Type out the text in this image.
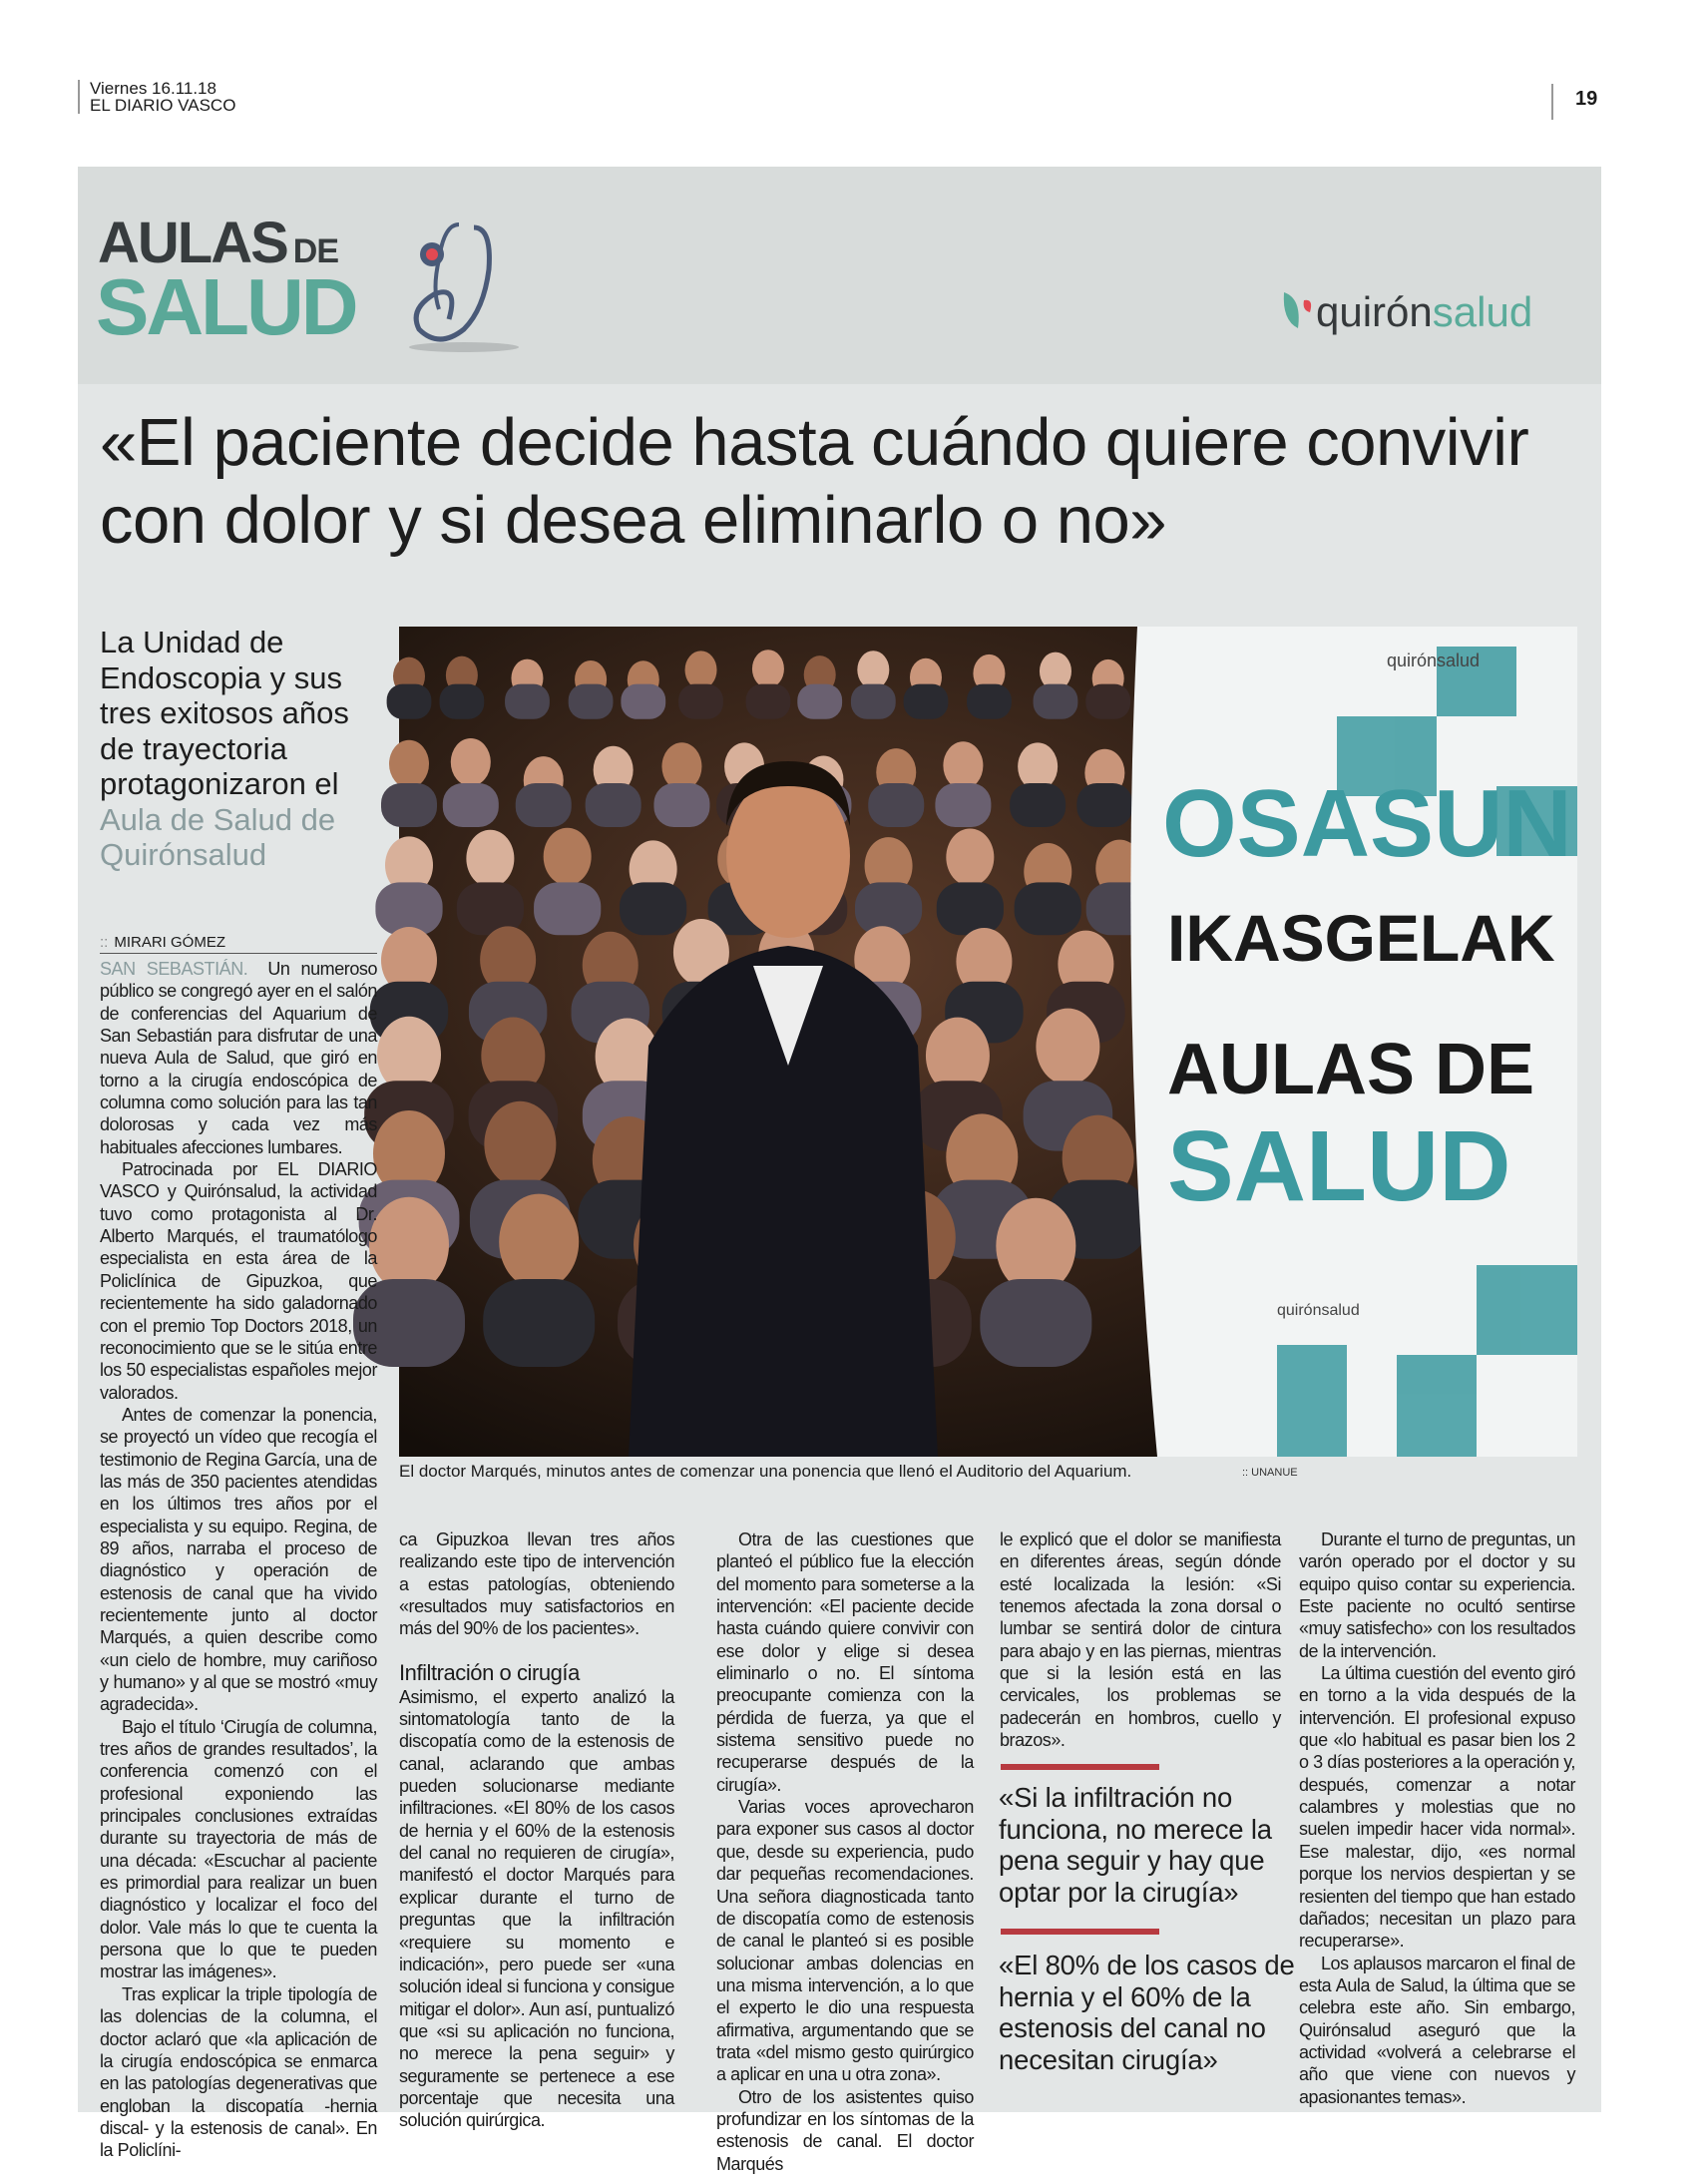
Viernes 16.11.18
EL DIARIO VASCO	19
AULAS DE
SALUD	quirónsalud
«El paciente decide hasta cuándo quiere convivir con dolor y si desea eliminarlo o no»
La Unidad de Endoscopia y sus tres exitosos años de trayectoria protagonizaron el Aula de Salud de Quirónsalud	OSASUN
IKASGELAK
AULAS DE
SALUD
quirónsalud
quirónsalud
El doctor Marqués, minutos antes de comenzar una ponencia que llenó el Auditorio del Aquarium.	:: UNANUE
:: MIRARI GÓMEZ

SAN SEBASTIÁN. Un numeroso público se congregó ayer en el salón de conferencias del Aquarium de San Sebastián para disfrutar de una nueva Aula de Salud, que giró en torno a la cirugía endoscópica de columna como solución para las tan dolorosas y cada vez más habituales afecciones lumbares.

Patrocinada por EL DIARIO VASCO y Quirónsalud, la actividad tuvo como protagonista al Dr. Alberto Marqués, el traumatólogo especialista en esta área de la Policlínica de Gipuzkoa, que recientemente ha sido galadornado con el premio Top Doctors 2018, un reconocimiento que se le sitúa entre los 50 especialistas españoles mejor valorados.

Antes de comenzar la ponencia, se proyectó un vídeo que recogía el testimonio de Regina García, una de las más de 350 pacientes atendidas en los últimos tres años por el especialista y su equipo. Regina, de 89 años, narraba el proceso de diagnóstico y operación de estenosis de canal que ha vivido recientemente junto al doctor Marqués, a quien describe como «un cielo de hombre, muy cariñoso y humano» y al que se mostró «muy agradecida».

Bajo el título ‘Cirugía de columna, tres años de grandes resultados’, la conferencia comenzó con el profesional exponiendo las principales conclusiones extraídas durante su trayectoria de más de una década: «Escuchar al paciente es primordial para realizar un buen diagnóstico y localizar el foco del dolor. Vale más lo que te cuenta la persona que lo que te pueden mostrar las imágenes».

Tras explicar la triple tipología de las dolencias de la columna, el doctor aclaró que «la aplicación de la cirugía endoscópica se enmarca en las patologías degenerativas que engloban la discopatía -hernia discal- y la estenosis de canal». En la Policlíni-

ca Gipuzkoa llevan tres años realizando este tipo de intervención a estas patologías, obteniendo «resultados muy satisfactorios en más del 90% de los pacientes».

Infiltración o cirugía

Asimismo, el experto analizó la sintomatología tanto de la discopatía como de la estenosis de canal, aclarando que ambas pueden solucionarse mediante infiltraciones. «El 80% de los casos de hernia y el 60% de la estenosis del canal no requieren de cirugía», manifestó el doctor Marqués para explicar durante el turno de preguntas que la infiltración «requiere su momento e indicación», pero puede ser «una solución ideal si funciona y consigue mitigar el dolor». Aun así, puntualizó que «si su aplicación no funciona, no merece la pena seguir» y seguramente se pertenece a ese porcentaje que necesita una solución quirúrgica.

Otra de las cuestiones que planteó el público fue la elección del momento para someterse a la intervención: «El paciente decide hasta cuándo quiere convivir con ese dolor y elige si desea eliminarlo o no. El síntoma preocupante comienza con la pérdida de fuerza, ya que el sistema sensitivo puede no recuperarse después de la cirugía».

Varias voces aprovecharon para exponer sus casos al doctor que, desde su experiencia, pudo dar pequeñas recomendaciones. Una señora diagnosticada tanto de discopatía como de estenosis de canal le planteó si es posible solucionar ambas dolencias en una misma intervención, a lo que el experto le dio una respuesta afirmativa, argumentando que se trata «del mismo gesto quirúrgico a aplicar en una u otra zona».

Otro de los asistentes quiso profundizar en los síntomas de la estenosis de canal. El doctor Marqués

le explicó que el dolor se manifiesta en diferentes áreas, según dónde esté localizada la lesión: «Si tenemos afectada la zona dorsal o lumbar se sentirá dolor de cintura para abajo y en las piernas, mientras que si la lesión está en las cervicales, los problemas se padecerán en hombros, cuello y brazos».

«Si la infiltración no funciona, no merece la pena seguir y hay que optar por la cirugía»
«El 80% de los casos de hernia y el 60% de la estenosis del canal no necesitan cirugía»

Durante el turno de preguntas, un varón operado por el doctor y su equipo quiso contar su experiencia. Este paciente no ocultó sentirse «muy satisfecho» con los resultados de la intervención.

La última cuestión del evento giró en torno a la vida después de la intervención. El profesional expuso que «lo habitual es pasar bien los 2 o 3 días posteriores a la operación y, después, comenzar a notar calambres y molestias que no suelen impedir hacer vida normal». Ese malestar, dijo, «es normal porque los nervios despiertan y se resienten del tiempo que han estado dañados; necesitan un plazo para recuperarse».

Los aplausos marcaron el final de esta Aula de Salud, la última que se celebra este año. Sin embargo, Quirónsalud aseguró que la actividad «volverá a celebrarse el año que viene con nuevos y apasionantes temas».
